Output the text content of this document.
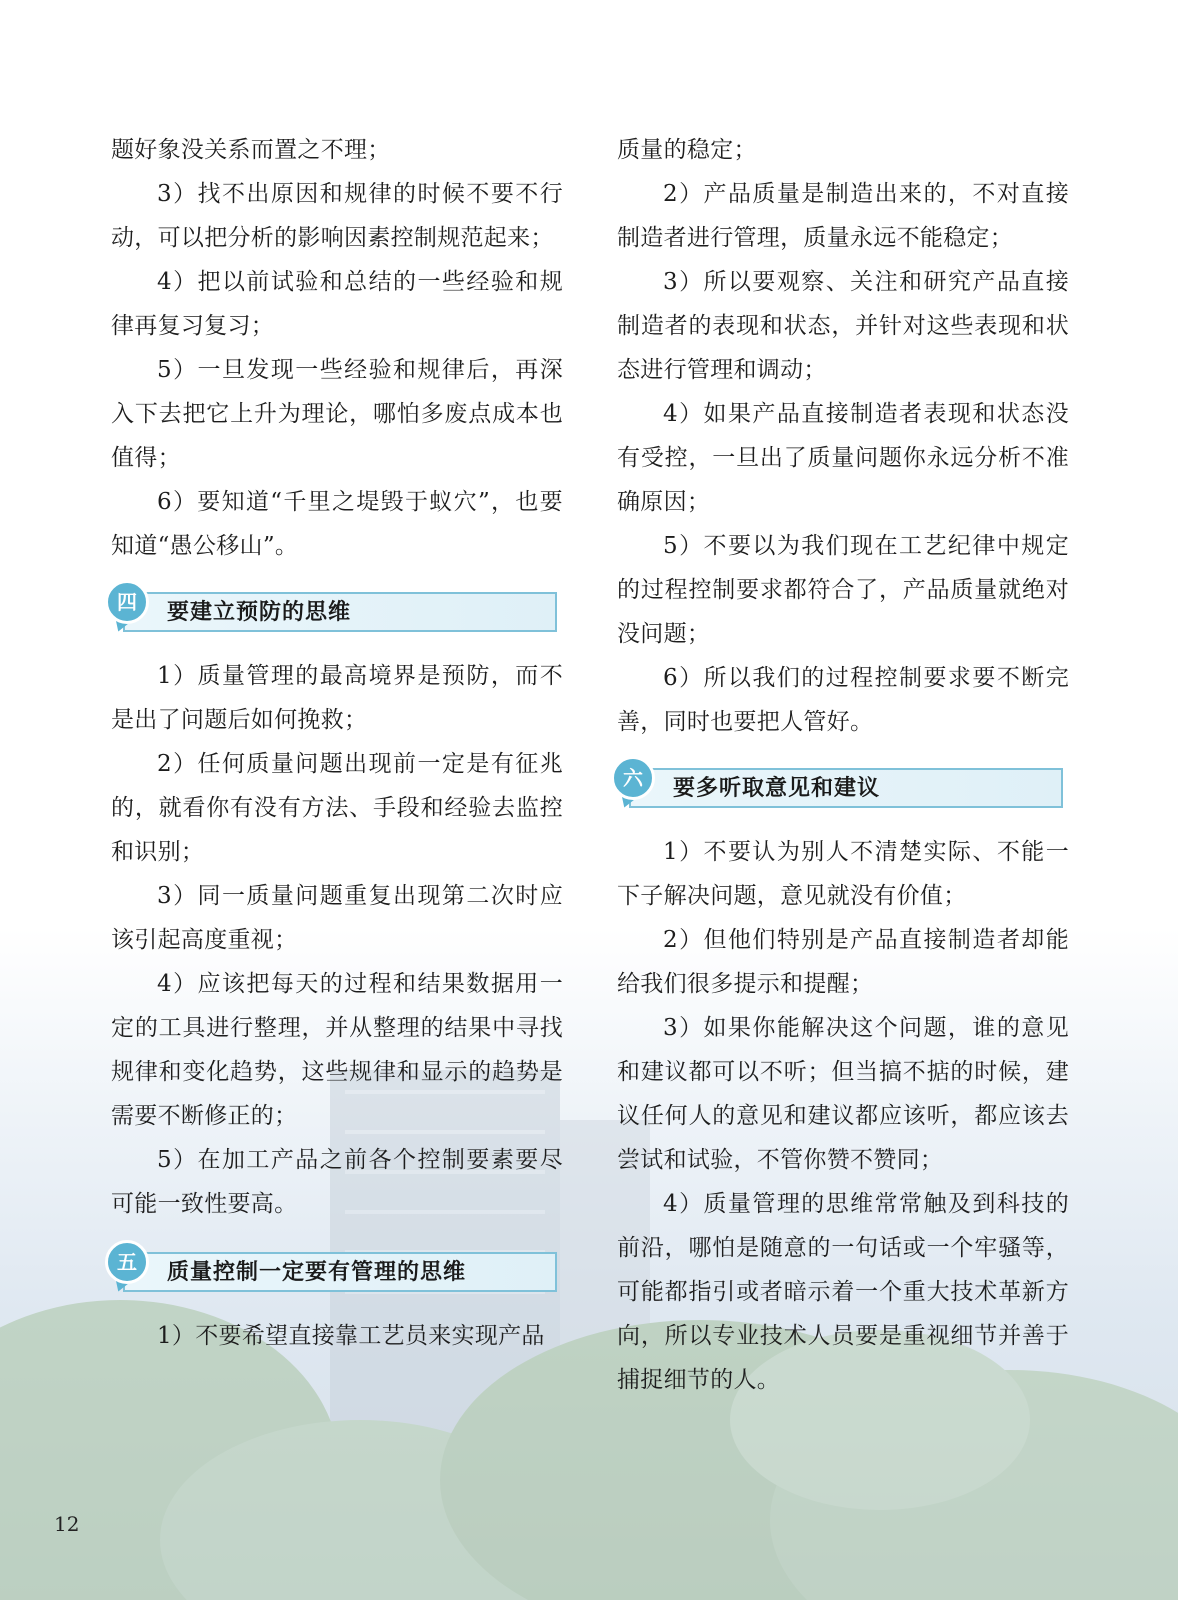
题好象没关系而置之不理；

3）找不出原因和规律的时候不要不行动，可以把分析的影响因素控制规范起来；

4）把以前试验和总结的一些经验和规律再复习复习；

5）一旦发现一些经验和规律后，再深入下去把它上升为理论，哪怕多废点成本也值得；

6）要知道“千里之堤毁于蚁穴”，也要知道“愚公移山”。

四	要建立预防的思维

1）质量管理的最高境界是预防，而不是出了问题后如何挽救；

2）任何质量问题出现前一定是有征兆的，就看你有没有方法、手段和经验去监控和识别；

3）同一质量问题重复出现第二次时应该引起高度重视；

4）应该把每天的过程和结果数据用一定的工具进行整理，并从整理的结果中寻找规律和变化趋势，这些规律和显示的趋势是需要不断修正的；

5）在加工产品之前各个控制要素要尽可能一致性要高。

五	质量控制一定要有管理的思维

1）不要希望直接靠工艺员来实现产品

质量的稳定；

2）产品质量是制造出来的，不对直接制造者进行管理，质量永远不能稳定；

3）所以要观察、关注和研究产品直接制造者的表现和状态，并针对这些表现和状态进行管理和调动；

4）如果产品直接制造者表现和状态没有受控，一旦出了质量问题你永远分析不准确原因；

5）不要以为我们现在工艺纪律中规定的过程控制要求都符合了，产品质量就绝对没问题；

6）所以我们的过程控制要求要不断完善，同时也要把人管好。

六	要多听取意见和建议

1）不要认为别人不清楚实际、不能一下子解决问题，意见就没有价值；

2）但他们特别是产品直接制造者却能给我们很多提示和提醒；

3）如果你能解决这个问题，谁的意见和建议都可以不听；但当搞不掂的时候，建议任何人的意见和建议都应该听，都应该去尝试和试验，不管你赞不赞同；

4）质量管理的思维常常触及到科技的前沿，哪怕是随意的一句话或一个牢骚等，可能都指引或者暗示着一个重大技术革新方向，所以专业技术人员要是重视细节并善于捕捉细节的人。

12
